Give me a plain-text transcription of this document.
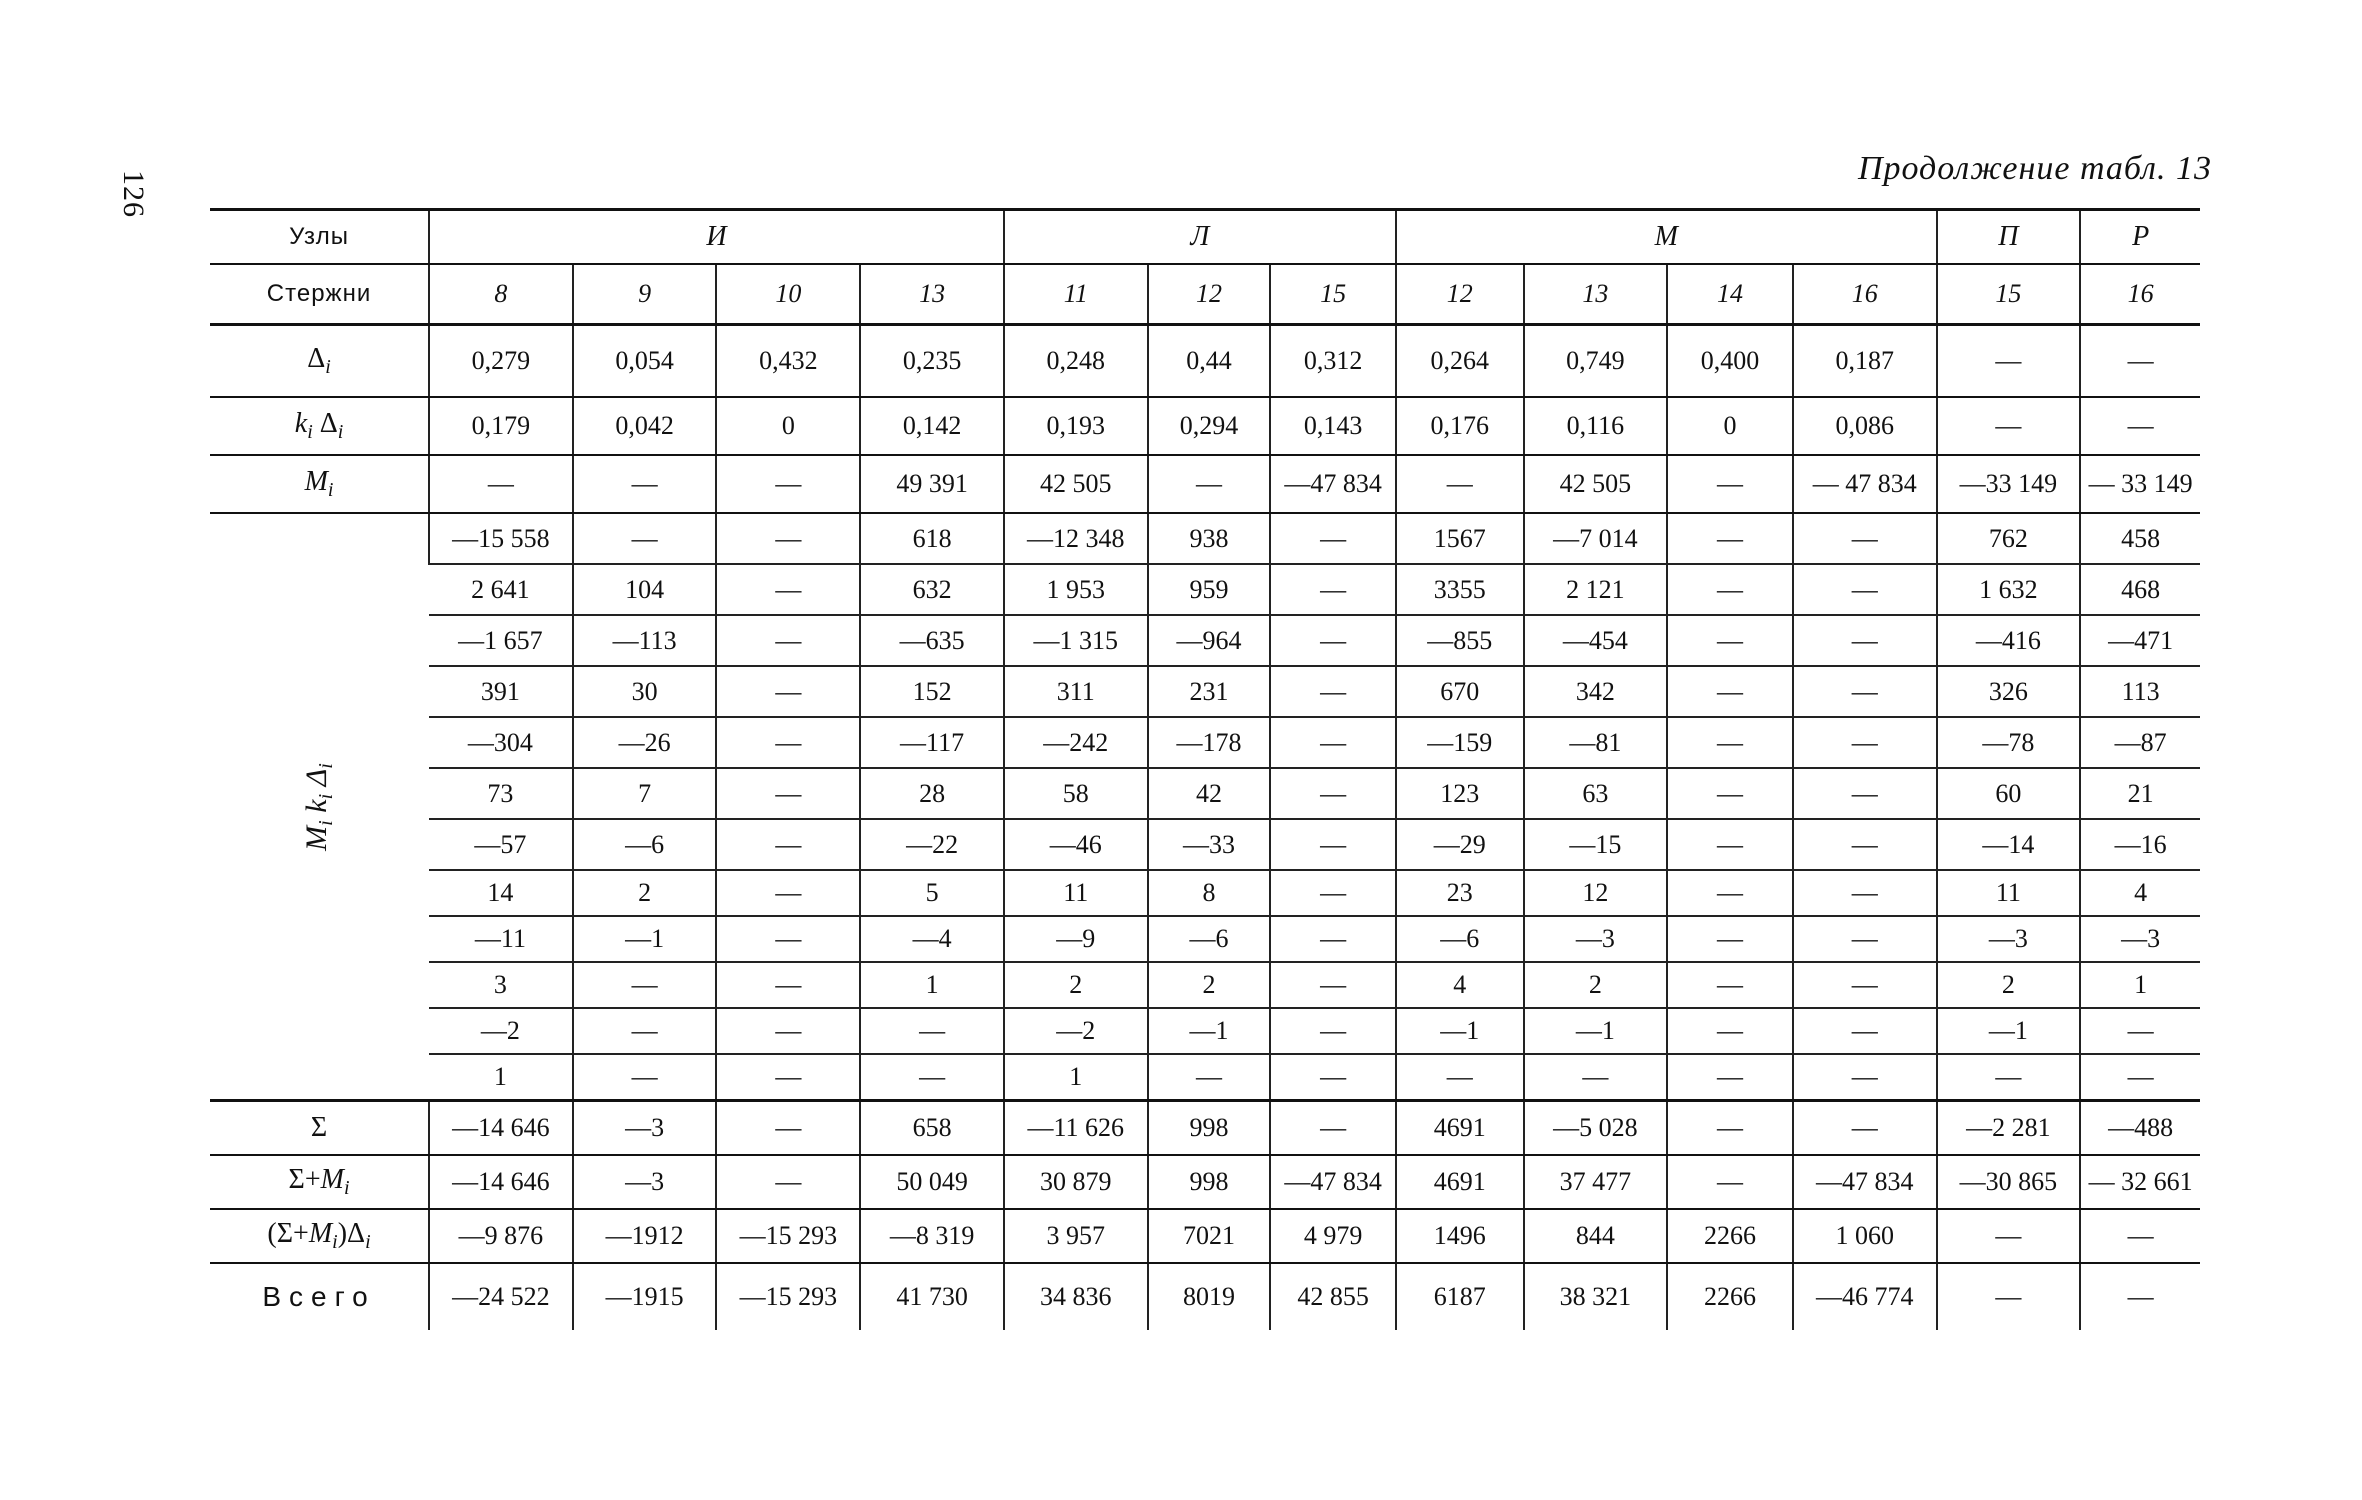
126
Продолжение табл. 13
Узлы	И				Л			М				П	Р
Стержни	8	9	10	13	11	12	15	12	13	14	16	15	16
$\Delta_i$	0,279	0,054	0,432	0,235	0,248	0,44	0,312	0,264	0,749	0,400	0,187	—	—
$k_i$ $\Delta_i$	0,179	0,042	0	0,142	0,193	0,294	0,143	0,176	0,116	0	0,086	—	—
$M_i$	—	—	—	49 391	42 505	—	—47 834	—	42 505	—	— 47 834	—33 149	— 33 149
$M_i$ $k_i$ $\Delta_i$	—15 558	—	—	618	—12 348	938	—	1567	—7 014	—	—	762	458
	2 641	104	—	632	1 953	959	—	3355	2 121	—	—	1 632	468
	—1 657	—113	—	—635	—1 315	—964	—	—855	—454	—	—	—416	—471
	391	30	—	152	311	231	—	670	342	—	—	326	113
	—304	—26	—	—117	—242	—178	—	—159	—81	—	—	—78	—87
	73	7	—	28	58	42	—	123	63	—	—	60	21
	—57	—6	—	—22	—46	—33	—	—29	—15	—	—	—14	—16
	14	2	—	5	11	8	—	23	12	—	—	11	4
	—11	—1	—	—4	—9	—6	—	—6	—3	—	—	—3	—3
	3	—	—	1	2	2	—	4	2	—	—	2	1
	—2	—	—	—	—2	—1	—	—1	—1	—	—	—1	—
	1	—	—	—	1	—	—	—	—	—	—	—	—
Σ	—14 646	—3	—	658	—11 626	998	—	4691	—5 028	—	—	—2 281	—488
$\Sigma+M_i$	—14 646	—3	—	50 049	30 879	998	—47 834	4691	37 477	—	—47 834	—30 865	— 32 661
$(\Sigma+M_i)\Delta_i$	—9 876	—1912	—15 293	—8 319	3 957	7021	4 979	1496	844	2266	1 060	—	—
Всего	—24 522	—1915	—15 293	41 730	34 836	8019	42 855	6187	38 321	2266	—46 774	—	—
